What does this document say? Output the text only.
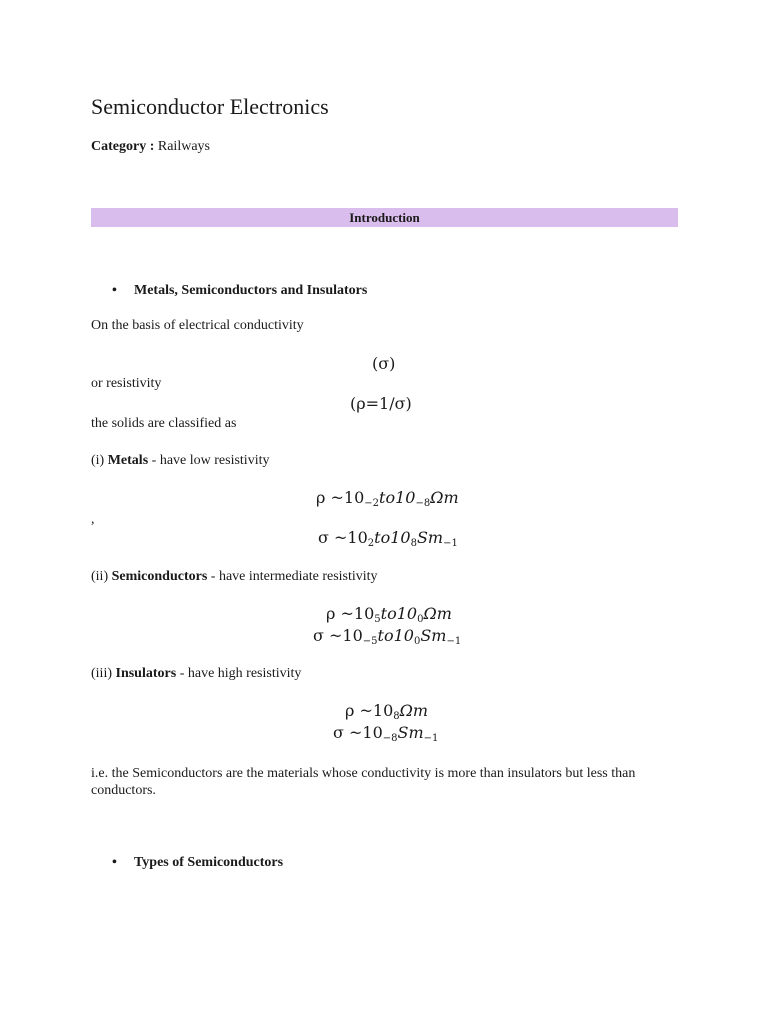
Semiconductor Electronics
Category : Railways
Introduction
• Metals, Semiconductors and Insulators
On the basis of electrical conductivity
(σ)
or resistivity
(ρ=1/σ)
the solids are classified as
(i) Metals - have low resistivity
ρ $\sim 10_{-2}to10_{-8}\Omega m$
,
σ $\sim 10_2to10_8Sm_{-1}$
(ii) Semiconductors - have intermediate resistivity
ρ $\sim 10_5to10_0\Omega m$
σ $\sim 10_{-5}to10_0Sm_{-1}$
(iii) Insulators - have high resistivity
ρ $\sim 10_8\Omega m$
σ $\sim 10_{-8}Sm_{-1}$
i.e. the Semiconductors are the materials whose conductivity is more than insulators but less than conductors.
• Types of Semiconductors
